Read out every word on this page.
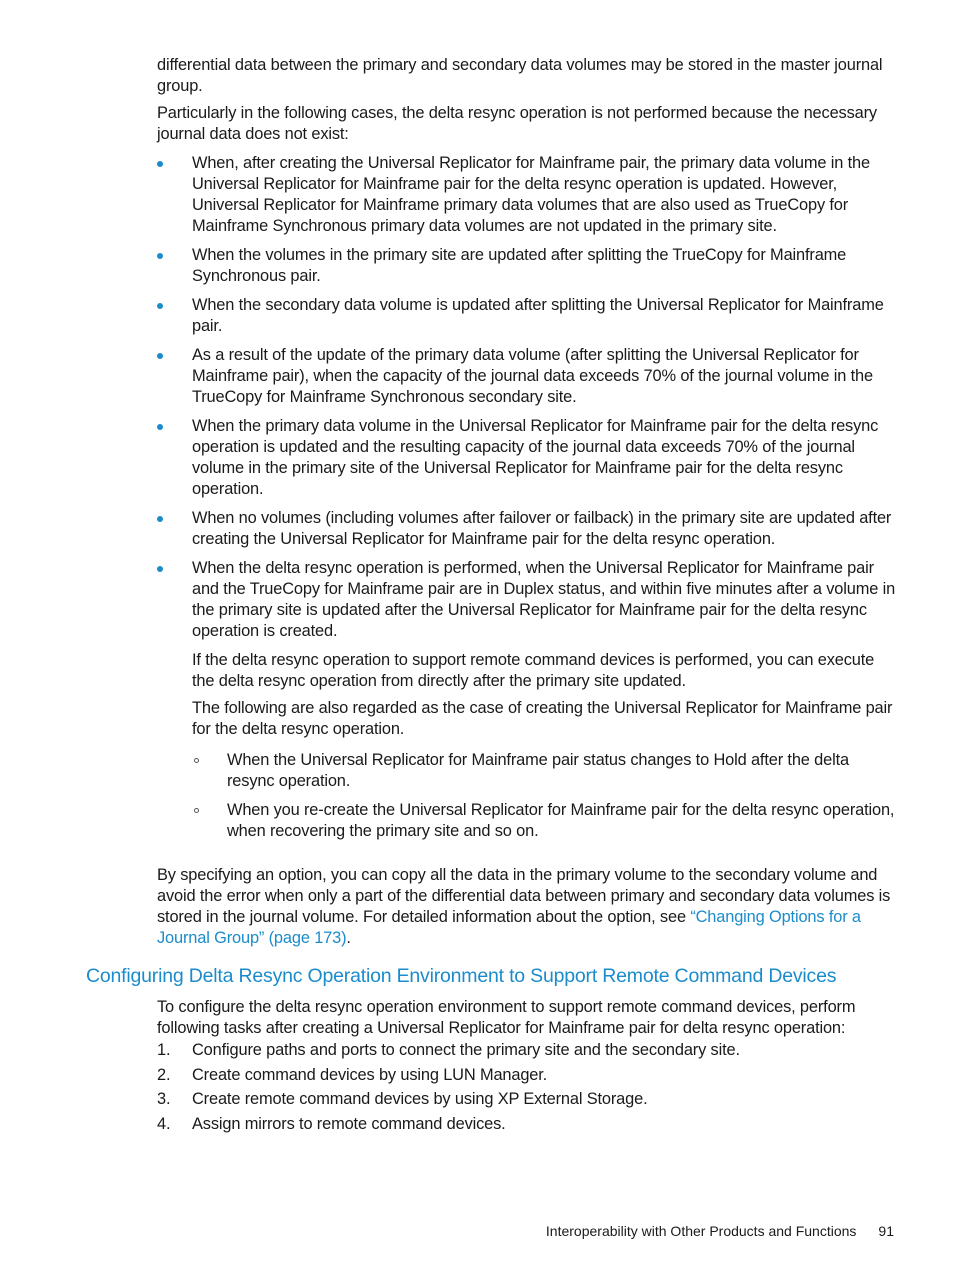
differential data between the primary and secondary data volumes may be stored in the master journal group.

Particularly in the following cases, the delta resync operation is not performed because the necessary journal data does not exist:

When, after creating the Universal Replicator for Mainframe pair, the primary data volume in the Universal Replicator for Mainframe pair for the delta resync operation is updated. However, Universal Replicator for Mainframe primary data volumes that are also used as TrueCopy for Mainframe Synchronous primary data volumes are not updated in the primary site.
When the volumes in the primary site are updated after splitting the TrueCopy for Mainframe Synchronous pair.
When the secondary data volume is updated after splitting the Universal Replicator for Mainframe pair.
As a result of the update of the primary data volume (after splitting the Universal Replicator for Mainframe pair), when the capacity of the journal data exceeds 70% of the journal volume in the TrueCopy for Mainframe Synchronous secondary site.
When the primary data volume in the Universal Replicator for Mainframe pair for the delta resync operation is updated and the resulting capacity of the journal data exceeds 70% of the journal volume in the primary site of the Universal Replicator for Mainframe pair for the delta resync operation.
When no volumes (including volumes after failover or failback) in the primary site are updated after creating the Universal Replicator for Mainframe pair for the delta resync operation.
When the delta resync operation is performed, when the Universal Replicator for Mainframe pair and the TrueCopy for Mainframe pair are in Duplex status, and within five minutes after a volume in the primary site is updated after the Universal Replicator for Mainframe pair for the delta resync operation is created.

If the delta resync operation to support remote command devices is performed, you can execute the delta resync operation from directly after the primary site updated.

The following are also regarded as the case of creating the Universal Replicator for Mainframe pair for the delta resync operation.

When the Universal Replicator for Mainframe pair status changes to Hold after the delta resync operation.
When you re-create the Universal Replicator for Mainframe pair for the delta resync operation, when recovering the primary site and so on.

By specifying an option, you can copy all the data in the primary volume to the secondary volume and avoid the error when only a part of the differential data between primary and secondary data volumes is stored in the journal volume. For detailed information about the option, see “Changing Options for a Journal Group” (page 173).

Configuring Delta Resync Operation Environment to Support Remote Command Devices

To configure the delta resync operation environment to support remote command devices, perform following tasks after creating a Universal Replicator for Mainframe pair for delta resync operation:

1. Configure paths and ports to connect the primary site and the secondary site.
2. Create command devices by using LUN Manager.
3. Create remote command devices by using XP External Storage.
4. Assign mirrors to remote command devices.
Interoperability with Other Products and Functions 91
